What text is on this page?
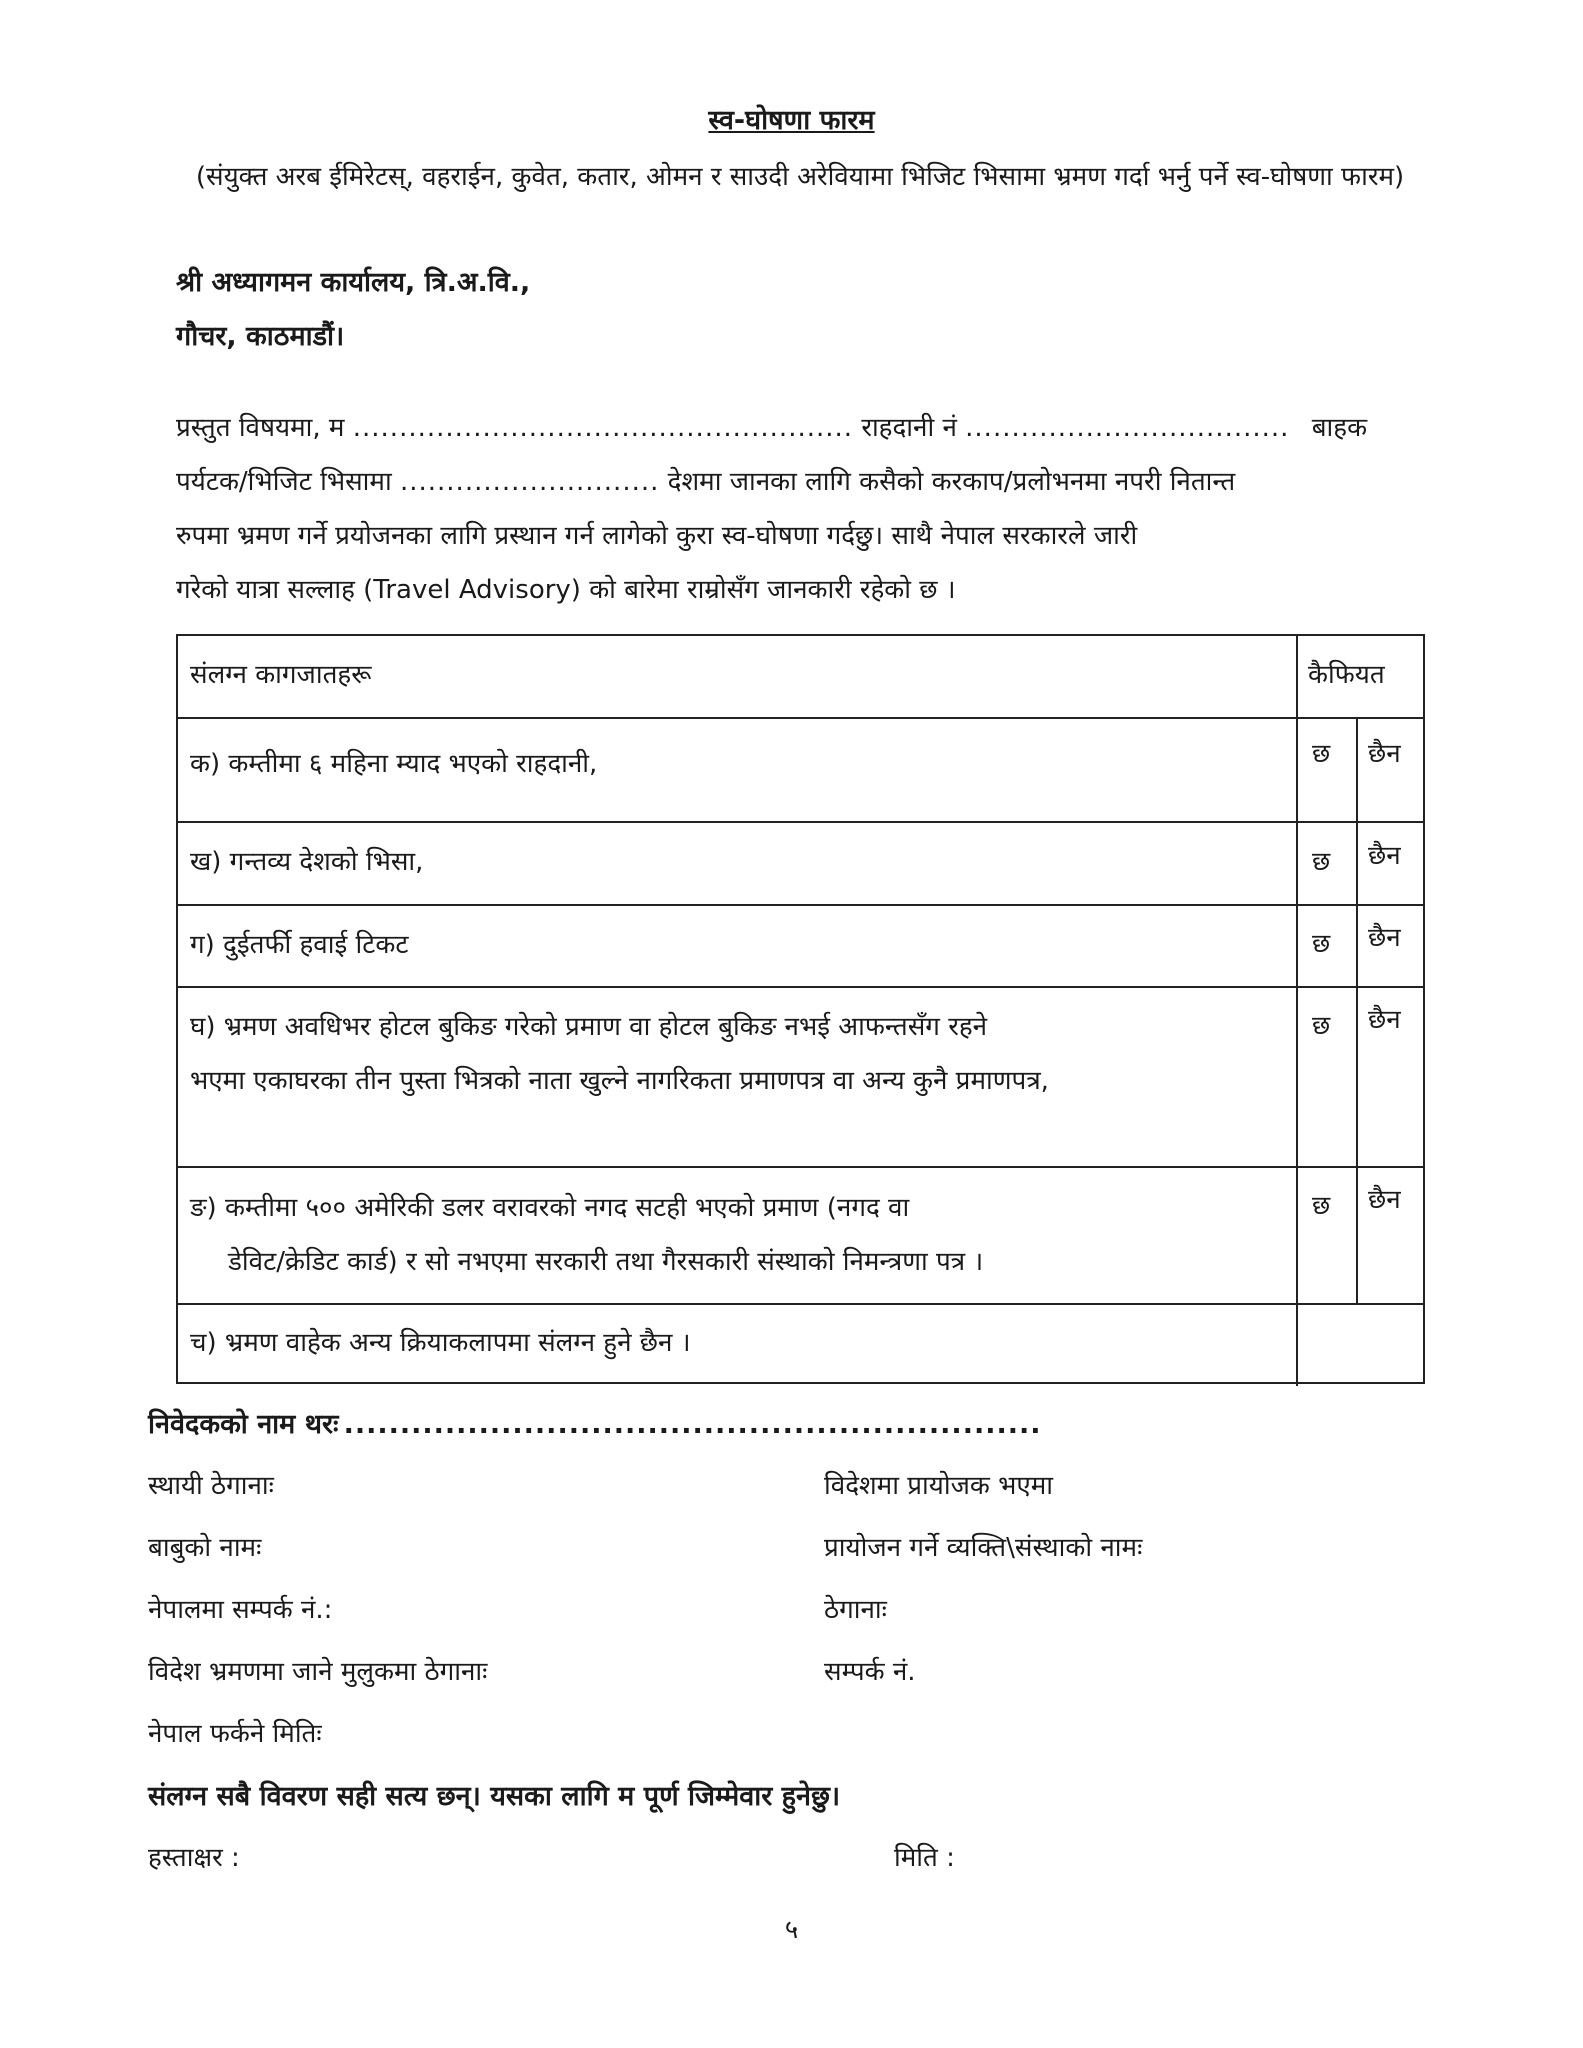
स्व-घोषणा फारम
(संयुक्त अरब ईमिरेटस्, वहराईन, कुवेत, कतार, ओमन र साउदी अरेवियामा भिजिट भिसामा भ्रमण गर्दा भर्नु पर्ने स्व-घोषणा फारम)
श्री अध्यागमन कार्यालय, त्रि.अ.वि.,
गौचर, काठमाडौं।
प्रस्तुत विषयमा, म ...................................................... राहदानी नं ................................... बाहक
पर्यटक/भिजिट भिसामा ............................ देशमा जानका लागि कसैको करकाप/प्रलोभनमा नपरी नितान्त
रुपमा भ्रमण गर्ने प्रयोजनका लागि प्रस्थान गर्न लागेको कुरा स्व-घोषणा गर्दछु। साथै नेपाल सरकारले जारी
गरेको यात्रा सल्लाह (Travel Advisory) को बारेमा राम्रोसँग जानकारी रहेको छ ।
संलग्न कागजातहरू	कैफियत
क) कम्तीमा ६ महिना म्याद भएको राहदानी,	छ छैन
ख) गन्तव्य देशको भिसा,	छ छैन
ग) दुईतर्फी हवाई टिकट	छ छैन
घ) भ्रमण अवधिभर होटल बुकिङ गरेको प्रमाण वा होटल बुकिङ नभई आफन्तसँग रहने
भएमा एकाघरका तीन पुस्ता भित्रको नाता खुल्ने नागरिकता प्रमाणपत्र वा अन्य कुनै प्रमाणपत्र,
छ छैन
ङ) कम्तीमा ५०० अमेरिकी डलर वरावरको नगद सटही भएको प्रमाण (नगद वा
डेविट/क्रेडिट कार्ड) र सो नभएमा सरकारी तथा गैरसकारी संस्थाको निमन्त्रणा पत्र ।
छ छैन
च) भ्रमण वाहेक अन्य क्रियाकलापमा संलग्न हुने छैन ।
निवेदकको नाम थरः ..............................................................
स्थायी ठेगानाः	विदेशमा प्रायोजक भएमा
बाबुको नामः	प्रायोजन गर्ने व्यक्ति\संस्थाको नामः
नेपालमा सम्पर्क नं.:	ठेगानाः
विदेश भ्रमणमा जाने मुलुकमा ठेगानाः	सम्पर्क नं.
नेपाल फर्कने मितिः
संलग्न सबै विवरण सही सत्य छन्। यसका लागि म पूर्ण जिम्मेवार हुनेछु।
हस्ताक्षर :	मिति :
५
